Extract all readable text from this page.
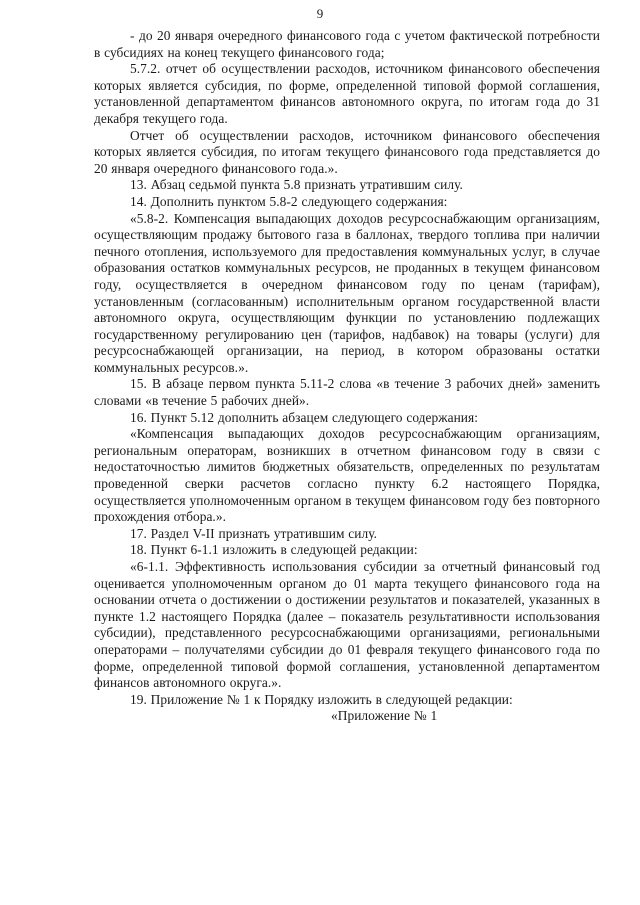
9

- до 20 января очередного финансового года с учетом фактической потребности в субсидиях на конец текущего финансового года;

5.7.2. отчет об осуществлении расходов, источником финансового обеспечения которых является субсидия, по форме, определенной типовой формой соглашения, установленной департаментом финансов автономного округа, по итогам года до 31 декабря текущего года.

Отчет об осуществлении расходов, источником финансового обеспечения которых является субсидия, по итогам текущего финансового года представляется до 20 января очередного финансового года.».

13. Абзац седьмой пункта 5.8 признать утратившим силу.

14. Дополнить пунктом 5.8-2 следующего содержания:

«5.8-2. Компенсация выпадающих доходов ресурсоснабжающим организациям, осуществляющим продажу бытового газа в баллонах, твердого топлива при наличии печного отопления, используемого для предоставления коммунальных услуг, в случае образования остатков коммунальных ресурсов, не проданных в текущем финансовом году, осуществляется в очередном финансовом году по ценам (тарифам), установленным (согласованным) исполнительным органом государственной власти автономного округа, осуществляющим функции по установлению подлежащих государственному регулированию цен (тарифов, надбавок) на товары (услуги) для ресурсоснабжающей организации, на период, в котором образованы остатки коммунальных ресурсов.».

15. В абзаце первом пункта 5.11-2 слова «в течение 3 рабочих дней» заменить словами «в течение 5 рабочих дней».

16. Пункт 5.12 дополнить абзацем следующего содержания:

«Компенсация выпадающих доходов ресурсоснабжающим организациям, региональным операторам, возникших в отчетном финансовом году в связи с недостаточностью лимитов бюджетных обязательств, определенных по результатам проведенной сверки расчетов согласно пункту 6.2 настоящего Порядка, осуществляется уполномоченным органом в текущем финансовом году без повторного прохождения отбора.».

17. Раздел V-II признать утратившим силу.

18. Пункт 6-1.1 изложить в следующей редакции:

«6-1.1. Эффективность использования субсидии за отчетный финансовый год оценивается уполномоченным органом до 01 марта текущего финансового года на основании отчета о достижении о достижении результатов и показателей, указанных в пункте 1.2 настоящего Порядка (далее – показатель результативности использования субсидии), представленного ресурсоснабжающими организациями, региональными операторами – получателями субсидии до 01 февраля текущего финансового года по форме, определенной типовой формой соглашения, установленной департаментом финансов автономного округа.».

19. Приложение № 1 к Порядку изложить в следующей редакции:

«Приложение № 1
